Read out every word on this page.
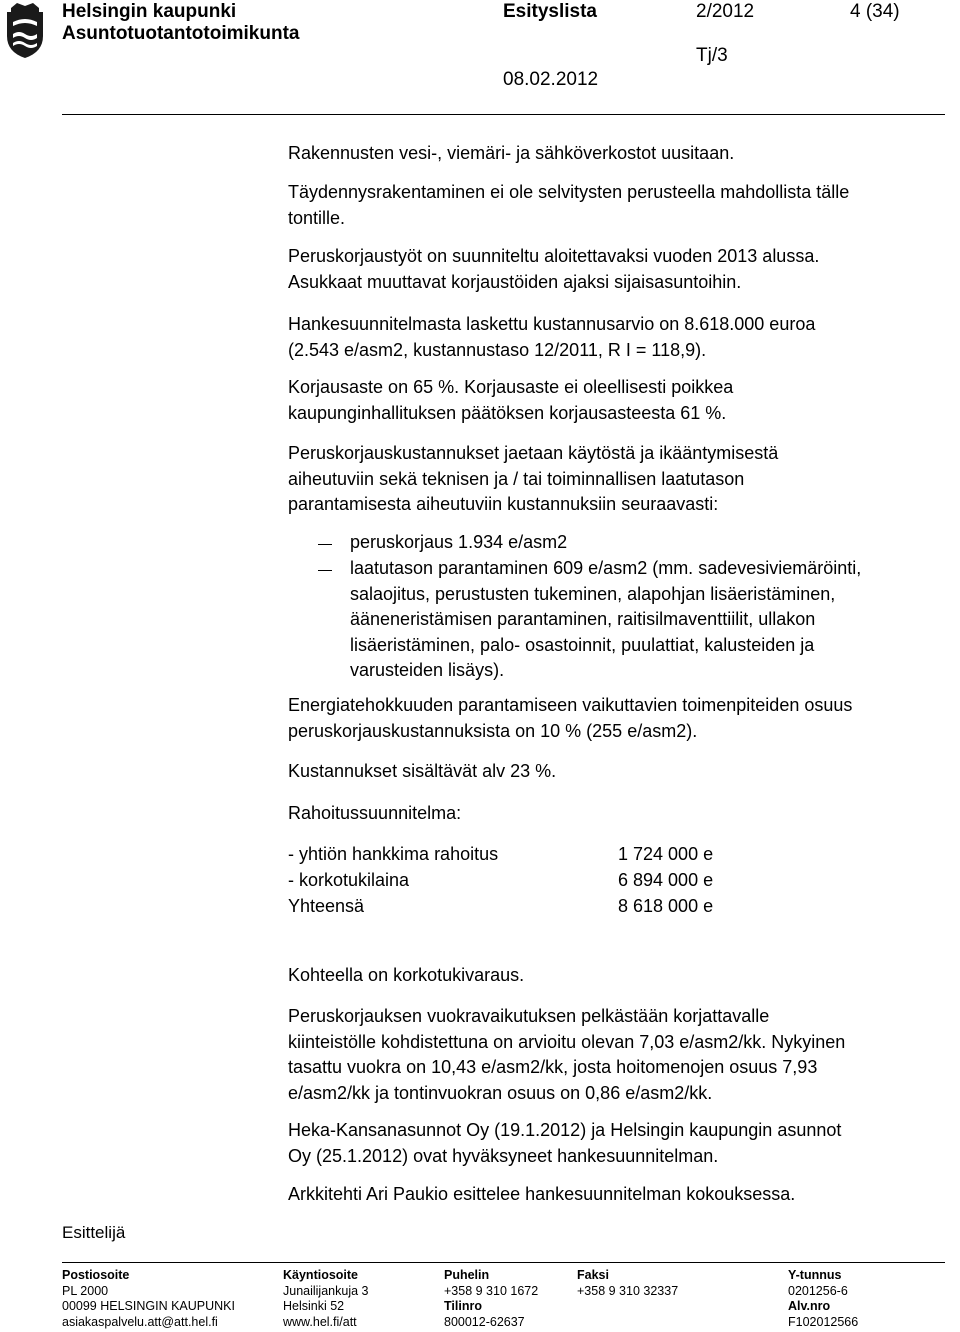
Helsingin kaupunki
Asuntotuotantotoimikunta
Esityslista	2/2012	4 (34)
08.02.2012
Tj/3

Rakennusten vesi-, viemäri- ja sähköverkostot uusitaan.

Täydennysrakentaminen ei ole selvitysten perusteella mahdollista tälle

tontille.

Peruskorjaustyöt on suunniteltu aloitettavaksi vuoden 2013 alussa.

Asukkaat muuttavat korjaustöiden ajaksi sijaisasuntoihin.

Hankesuunnitelmasta laskettu kustannusarvio on 8.618.000 euroa

(2.543 e/asm2, kustannustaso 12/2011, R I = 118,9).

Korjausaste on 65 %. Korjausaste ei oleellisesti poikkea

kaupunginhallituksen päätöksen korjausasteesta 61 %.

Peruskorjauskustannukset jaetaan käytöstä ja ikääntymisestä

aiheutuviin sekä teknisen ja / tai toiminnallisen laatutason

parantamisesta aiheutuviin kustannuksiin seuraavasti:

peruskorjaus 1.934 e/asm2

laatutason parantaminen 609 e/asm2 (mm. sadevesiviemäröinti,

salaojitus, perustusten tukeminen, alapohjan lisäeristäminen,

ääneneristämisen parantaminen, raitisilmaventtiilit, ullakon

lisäeristäminen, palo- osastoinnit, puulattiat, kalusteiden ja

varusteiden lisäys).

Energiatehokkuuden parantamiseen vaikuttavien toimenpiteiden osuus

peruskorjauskustannuksista on 10 % (255 e/asm2).

Kustannukset sisältävät alv 23 %.

Rahoitussuunnitelma:

- yhtiön hankkima rahoitus	1 724 000 e
- korkotukilaina	6 894 000 e
Yhteensä	8 618 000 e

Kohteella on korkotukivaraus.

Peruskorjauksen vuokravaikutuksen pelkästään korjattavalle

kiinteistölle kohdistettuna on arvioitu olevan 7,03 e/asm2/kk. Nykyinen

tasattu vuokra on 10,43 e/asm2/kk, josta hoitomenojen osuus 7,93

e/asm2/kk ja tontinvuokran osuus on 0,86 e/asm2/kk.

Heka-Kansanasunnot Oy (19.1.2012) ja Helsingin kaupungin asunnot

Oy (25.1.2012) ovat hyväksyneet hankesuunnitelman.

Arkkitehti Ari Paukio esittelee hankesuunnitelman kokouksessa.

Esittelijä
Postiosoite
PL 2000
00099 HELSINGIN KAUPUNKI
asiakaspalvelu.att@att.hel.fi
Käyntiosoite
Junailijankuja 3
Helsinki 52
www.hel.fi/att
Puhelin
+358 9 310 1672
Tilinro
800012-62637
Faksi
+358 9 310 32337
Y-tunnus
0201256-6
Alv.nro
F102012566
